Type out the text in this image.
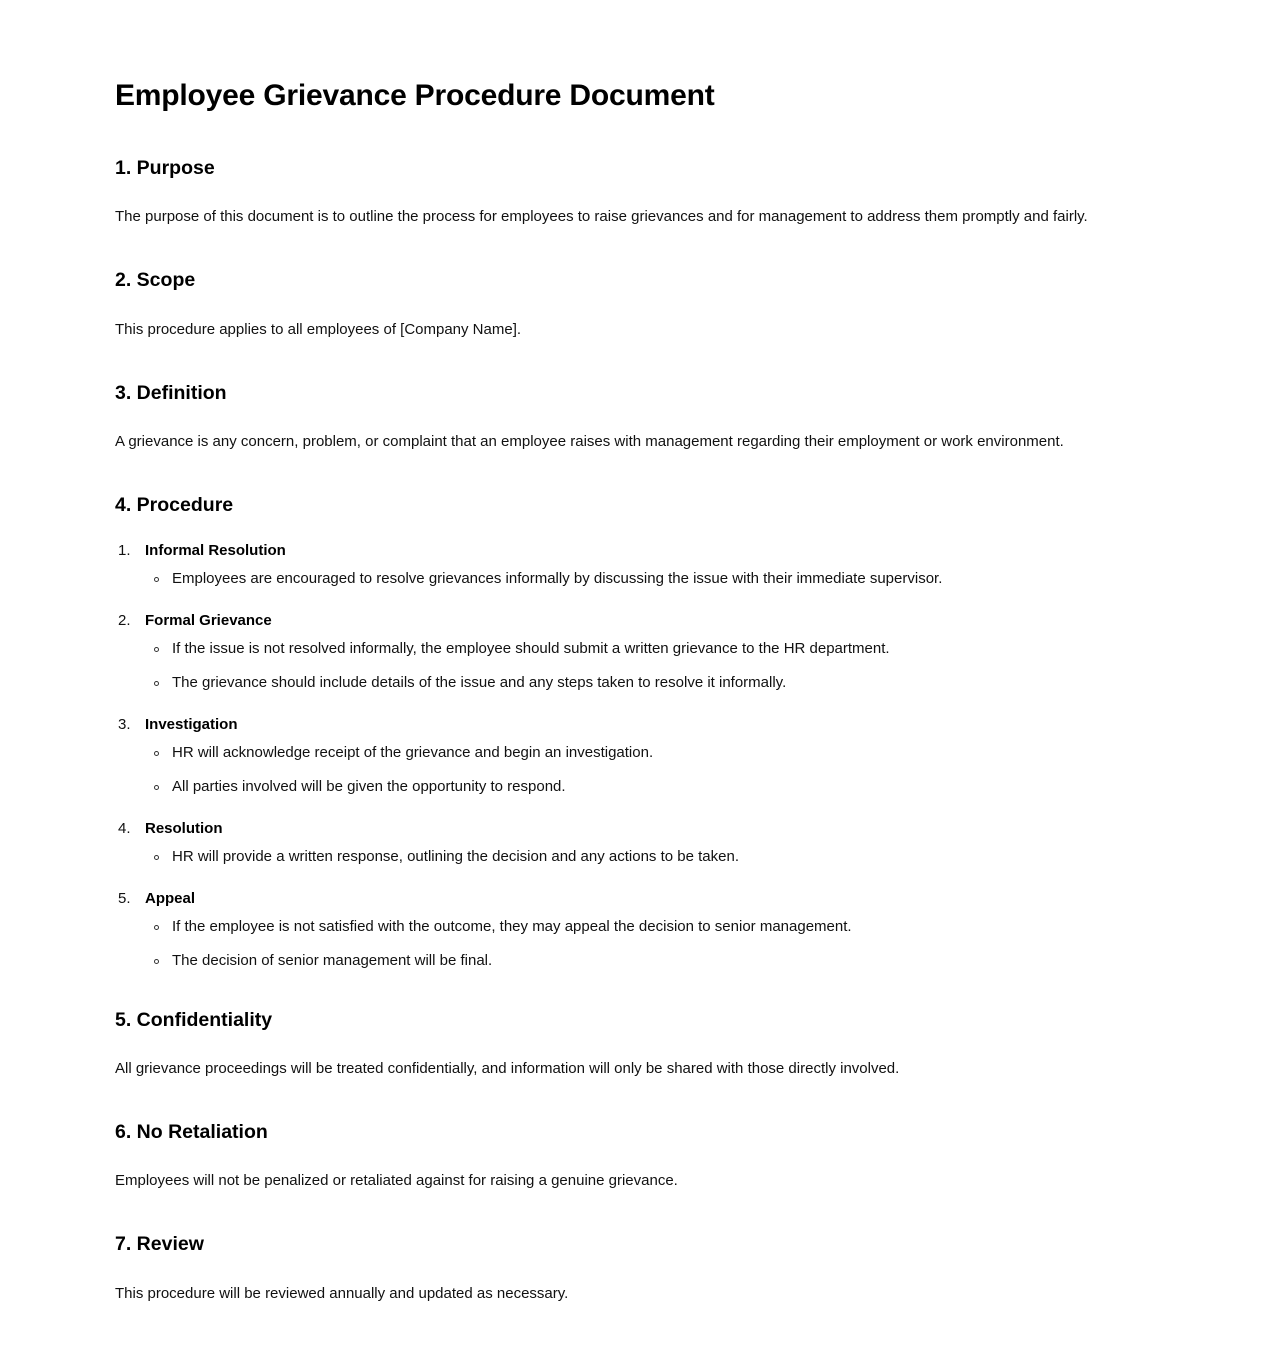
Employee Grievance Procedure Document
1. Purpose

The purpose of this document is to outline the process for employees to raise grievances and for management to address them promptly and fairly.

2. Scope

This procedure applies to all employees of [Company Name].

3. Definition

A grievance is any concern, problem, or complaint that an employee raises with management regarding their employment or work environment.

4. Procedure
Informal Resolution
Employees are encouraged to resolve grievances informally by discussing the issue with their immediate supervisor.
Formal Grievance
If the issue is not resolved informally, the employee should submit a written grievance to the HR department.
The grievance should include details of the issue and any steps taken to resolve it informally.
Investigation
HR will acknowledge receipt of the grievance and begin an investigation.
All parties involved will be given the opportunity to respond.
Resolution
HR will provide a written response, outlining the decision and any actions to be taken.
Appeal
If the employee is not satisfied with the outcome, they may appeal the decision to senior management.
The decision of senior management will be final.
5. Confidentiality

All grievance proceedings will be treated confidentially, and information will only be shared with those directly involved.

6. No Retaliation

Employees will not be penalized or retaliated against for raising a genuine grievance.

7. Review

This procedure will be reviewed annually and updated as necessary.
